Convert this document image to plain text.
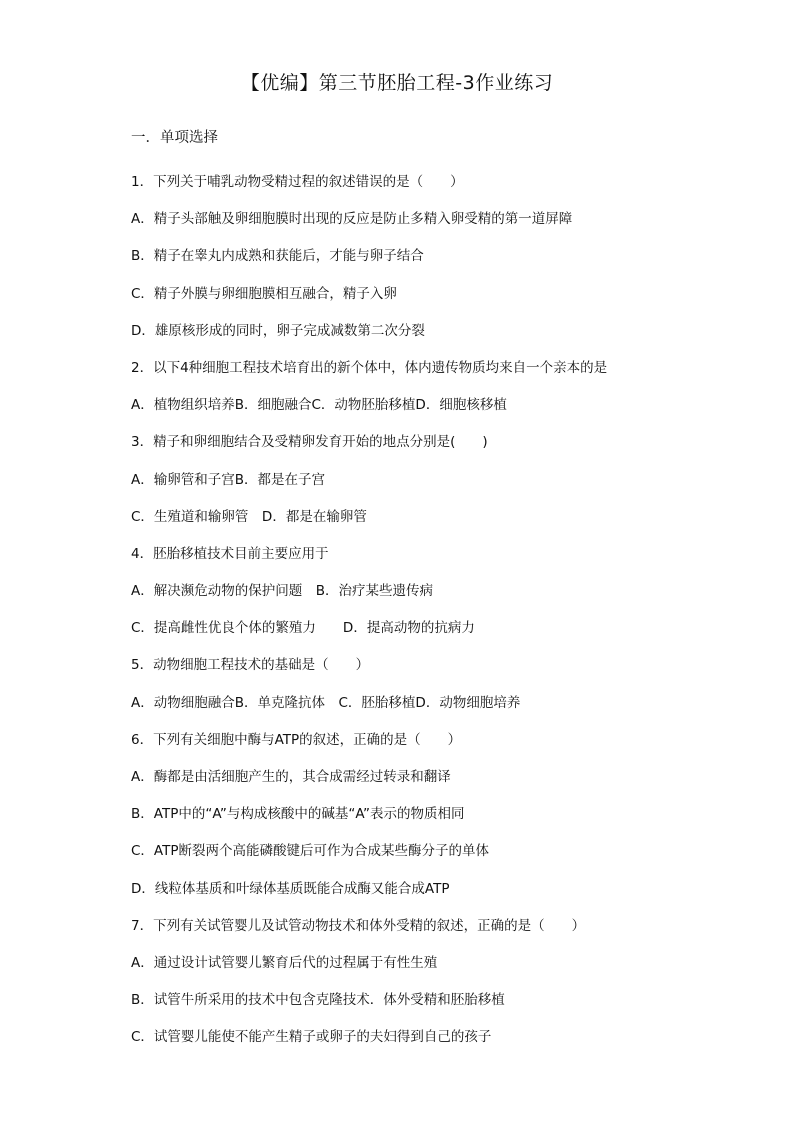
【优编】第三节胚胎工程-3作业练习
一．单项选择
1．下列关于哺乳动物受精过程的叙述错误的是（　　）
A．精子头部触及卵细胞膜时出现的反应是防止多精入卵受精的第一道屏障
B．精子在睾丸内成熟和获能后，才能与卵子结合
C．精子外膜与卵细胞膜相互融合，精子入卵
D．雄原核形成的同时，卵子完成减数第二次分裂
2．以下4种细胞工程技术培育出的新个体中，体内遗传物质均来自一个亲本的是
A．植物组织培养B．细胞融合C．动物胚胎移植D．细胞核移植
3．精子和卵细胞结合及受精卵发育开始的地点分别是(　　)
A．输卵管和子宫B．都是在子宫
C．生殖道和输卵管　D．都是在输卵管
4．胚胎移植技术目前主要应用于
A．解决濒危动物的保护问题　B．治疗某些遗传病
C．提高雌性优良个体的繁殖力　　D．提高动物的抗病力
5．动物细胞工程技术的基础是（　　）
A．动物细胞融合B．单克隆抗体　C．胚胎移植D．动物细胞培养
6．下列有关细胞中酶与ATP的叙述，正确的是（　　）
A．酶都是由活细胞产生的，其合成需经过转录和翻译
B．ATP中的“A”与构成核酸中的碱基“A”表示的物质相同
C．ATP断裂两个高能磷酸键后可作为合成某些酶分子的单体
D．线粒体基质和叶绿体基质既能合成酶又能合成ATP
7．下列有关试管婴儿及试管动物技术和体外受精的叙述，正确的是（　　）
A．通过设计试管婴儿繁育后代的过程属于有性生殖
B．试管牛所采用的技术中包含克隆技术．体外受精和胚胎移植
C．试管婴儿能使不能产生精子或卵子的夫妇得到自己的孩子
